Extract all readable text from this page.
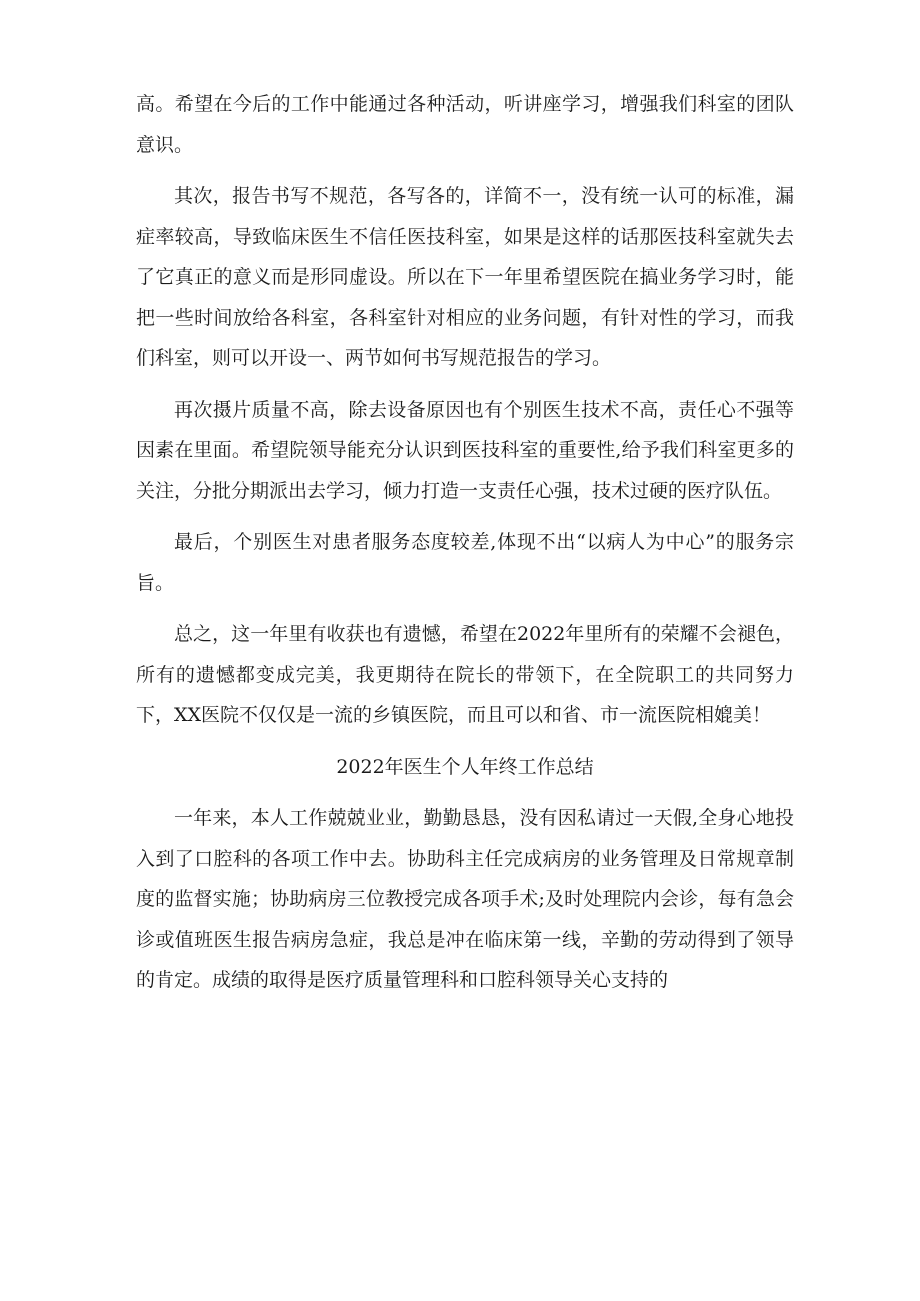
高。希望在今后的工作中能通过各种活动，听讲座学习，增强我们科室的团队意识。

其次，报告书写不规范，各写各的，详简不一，没有统一认可的标准，漏症率较高，导致临床医生不信任医技科室，如果是这样的话那医技科室就失去了它真正的意义而是形同虚设。所以在下一年里希望医院在搞业务学习时，能把一些时间放给各科室，各科室针对相应的业务问题，有针对性的学习，而我们科室，则可以开设一、两节如何书写规范报告的学习。

再次摄片质量不高，除去设备原因也有个别医生技术不高，责任心不强等因素在里面。希望院领导能充分认识到医技科室的重要性,给予我们科室更多的关注，分批分期派出去学习，倾力打造一支责任心强，技术过硬的医疗队伍。

最后，个别医生对患者服务态度较差,体现不出“以病人为中心”的服务宗旨。

总之，这一年里有收获也有遗憾，希望在2022年里所有的荣耀不会褪色，所有的遗憾都变成完美，我更期待在院长的带领下，在全院职工的共同努力下，XX医院不仅仅是一流的乡镇医院，而且可以和省、市一流医院相媲美！

2022年医生个人年终工作总结

一年来，本人工作兢兢业业，勤勤恳恳，没有因私请过一天假,全身心地投入到了口腔科的各项工作中去。协助科主任完成病房的业务管理及日常规章制度的监督实施；协助病房三位教授完成各项手术;及时处理院内会诊，每有急会诊或值班医生报告病房急症，我总是冲在临床第一线，辛勤的劳动得到了领导的肯定。成绩的取得是医疗质量管理科和口腔科领导关心支持的
